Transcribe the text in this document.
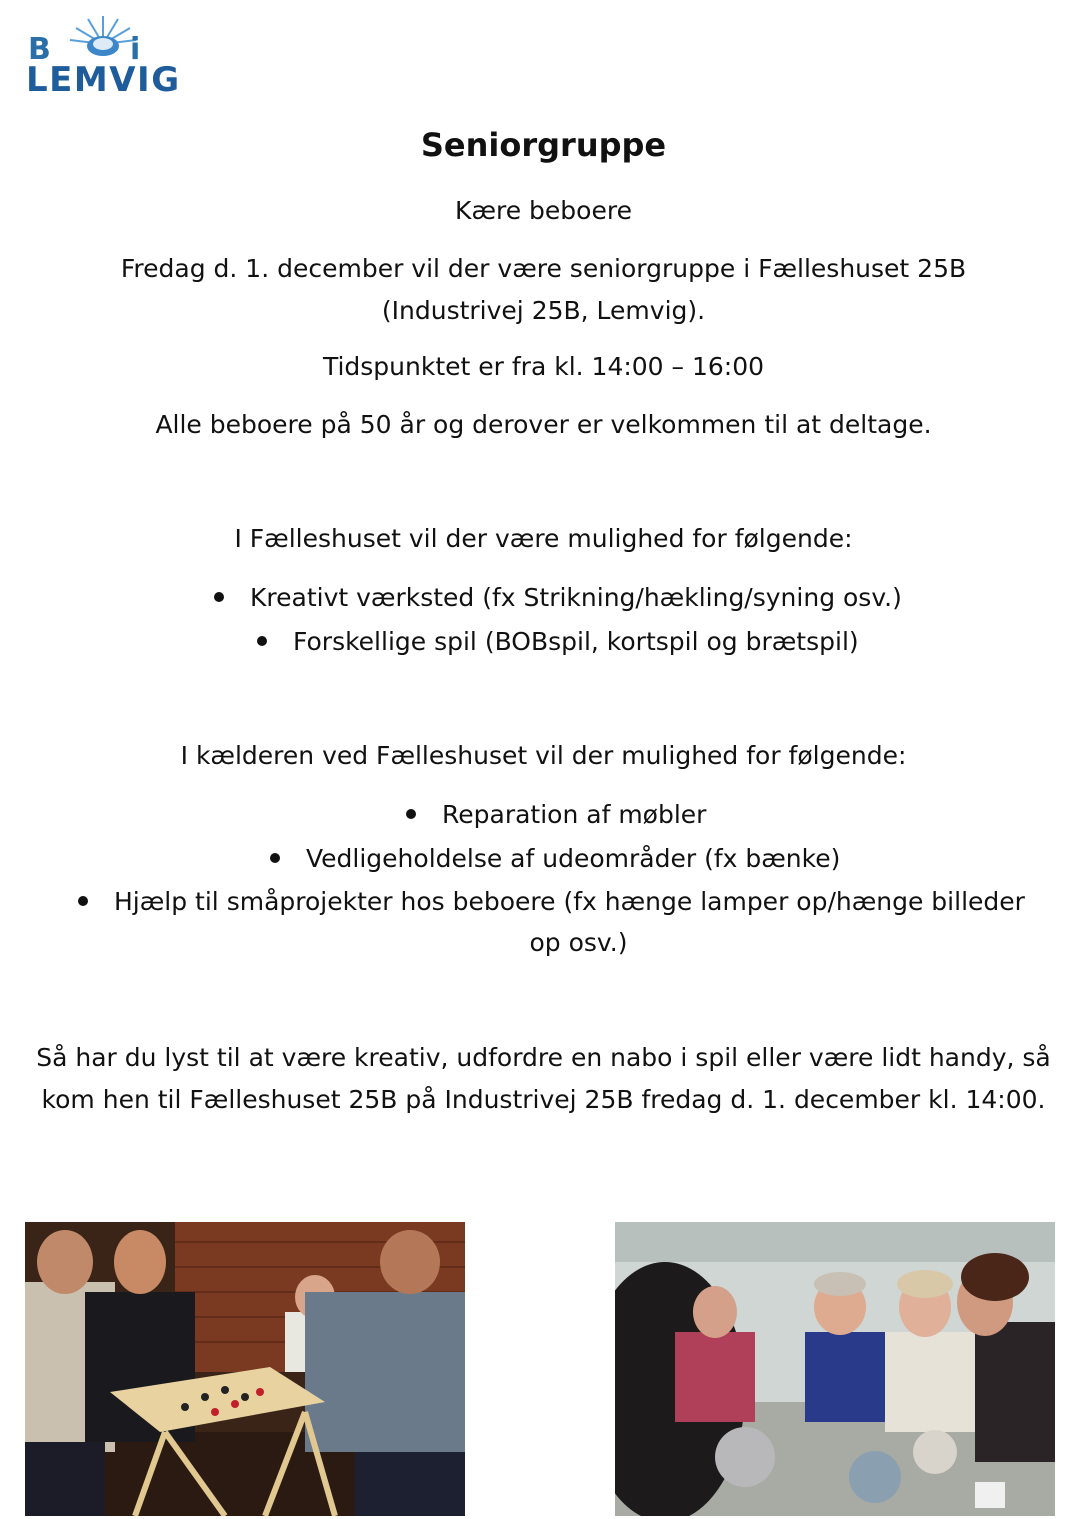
B	i
LEMVIG
Seniorgruppe
Kære beboere
Fredag d. 1. december vil der være seniorgruppe i Fælleshuset 25B
(Industrivej 25B, Lemvig).
Tidspunktet er fra kl. 14:00 – 16:00
Alle beboere på 50 år og derover er velkommen til at deltage.
I Fælleshuset vil der være mulighed for følgende:
Kreativt værksted (fx Strikning/hækling/syning osv.)
Forskellige spil (BOBspil, kortspil og brætspil)
I kælderen ved Fælleshuset vil der mulighed for følgende:
Reparation af møbler
Vedligeholdelse af udeområder (fx bænke)
Hjælp til småprojekter hos beboere (fx hænge lamper op/hænge billeder
op osv.)
Så har du lyst til at være kreativ, udfordre en nabo i spil eller være lidt handy, så
kom hen til Fælleshuset 25B på Industrivej 25B fredag d. 1. december kl. 14:00.
